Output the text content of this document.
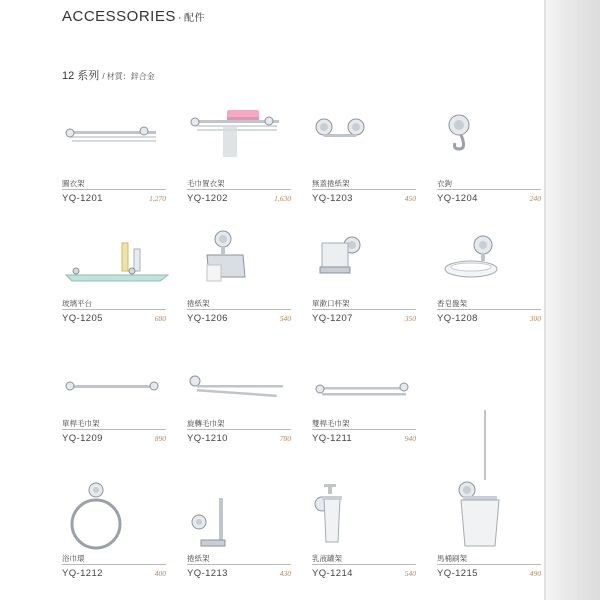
ACCESSORIES · 配件
12 系列 / 材質：鋅合金
圖衣架
YQ-1201	1,270
毛巾置衣架
YQ-1202	1,630
無蓋捲紙架
YQ-1203	450
衣鉤
YQ-1204	240
玻璃平台
YQ-1205	680
捲紙架
YQ-1206	540
單漱口杯架
YQ-1207	350
香皂盤架
YQ-1208	300
單桿毛巾架
YQ-1209	890
旋轉毛巾架
YQ-1210	780
雙桿毛巾架
YQ-1211	940
浴巾環
YQ-1212	400
捲紙架
YQ-1213	430
乳液罐架
YQ-1214	540
馬桶刷架
YQ-1215	490
